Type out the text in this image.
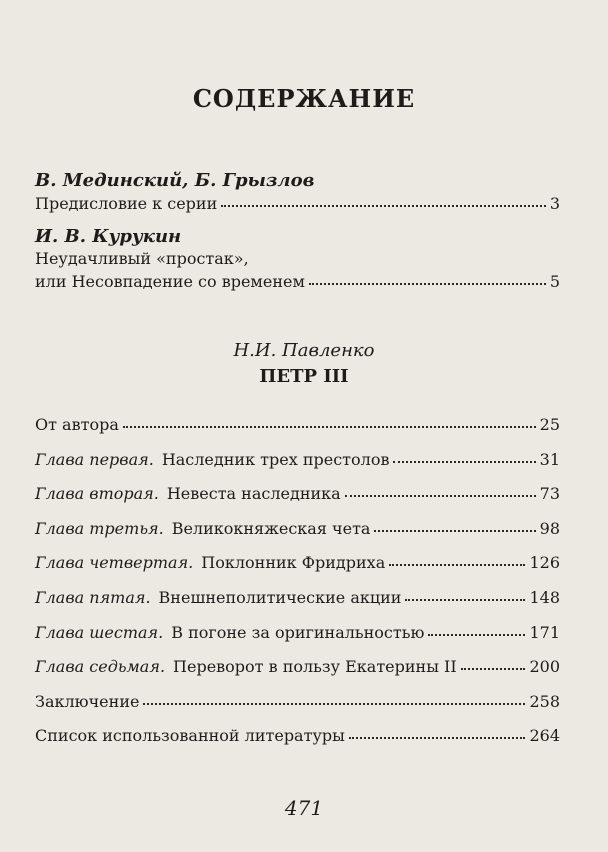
СОДЕРЖАНИЕ
В. Мединский, Б. Грызлов
Предисловие к серии	3
И. В. Курукин
Неудачливый «простак»,
или Несовпадение со временем	5
Н.И. Павленко
ПЕТР III
От автора	25
Глава первая. Наследник трех престолов	31
Глава вторая. Невеста наследника	73
Глава третья. Великокняжеская чета	98
Глава четвертая. Поклонник Фридриха	126
Глава пятая. Внешнеполитические акции	148
Глава шестая. В погоне за оригинальностью	171
Глава седьмая. Переворот в пользу Екатерины II	200
Заключение	258
Список использованной литературы	264
471
